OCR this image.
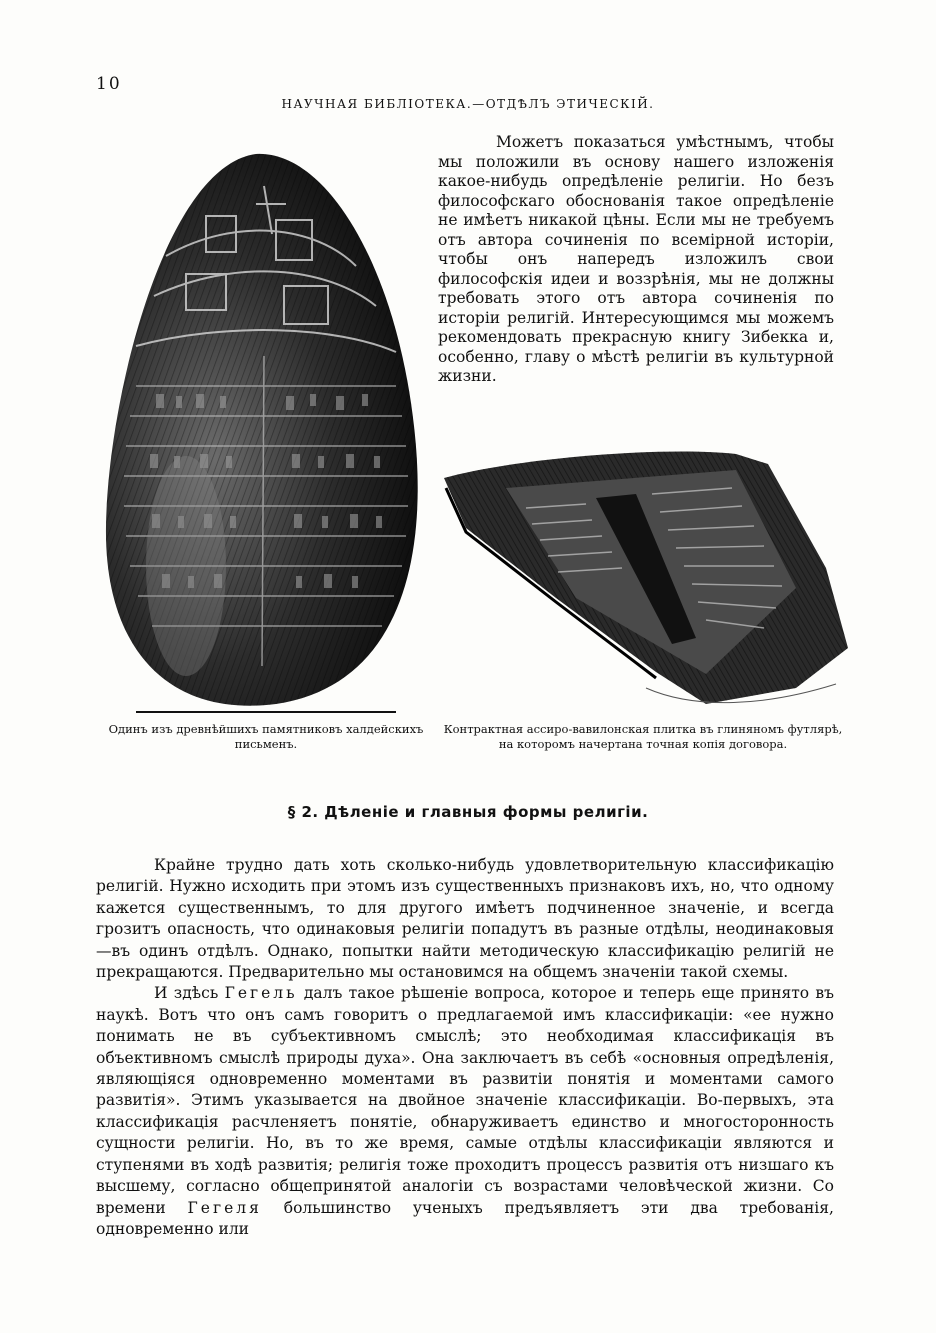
10
НАУЧНАЯ БИБЛІОТЕКА.—ОТДѢЛЪ ЭТИЧЕСКІЙ.

Можетъ показаться умѣстнымъ, чтобы мы положили въ основу нашего изложенія какое-нибудь опредѣленіе религіи. Но безъ философскаго обоснованія такое опредѣленіе не имѣетъ никакой цѣны. Если мы не требуемъ отъ автора сочиненія по всемірной исторіи, чтобы онъ напередъ изложилъ свои философскія идеи и воззрѣнія, мы не должны требовать этого отъ автора сочиненія по исторіи религій. Интересующимся мы можемъ рекомендовать прекрасную книгу Зибекка и, особенно, главу о мѣстѣ религіи въ культурной жизни.

Одинъ изъ древнѣйшихъ памятниковъ халдейскихъ письменъ.
Контрактная ассиро-вавилонская плитка въ глиняномъ футлярѣ, на которомъ начертана точная копія договора.
§ 2. Дѣленіе и главныя формы религіи.

Крайне трудно дать хоть сколько-нибудь удовлетворительную классификацію религій. Нужно исходить при этомъ изъ существенныхъ признаковъ ихъ, но, что одному кажется существеннымъ, то для другого имѣетъ подчиненное значеніе, и всегда грозитъ опасность, что одинаковыя религіи попадутъ въ разные отдѣлы, неодинаковыя—въ одинъ отдѣлъ. Однако, попытки найти методическую классификацію религій не прекращаются. Предварительно мы остановимся на общемъ значеніи такой схемы.

И здѣсь Гегель далъ такое рѣшеніе вопроса, которое и теперь еще принято въ наукѣ. Вотъ что онъ самъ говоритъ о предлагаемой имъ классификаціи: «ее нужно понимать не въ субъективномъ смыслѣ; это необходимая классификація въ объективномъ смыслѣ природы духа». Она заключаетъ въ себѣ «основныя опредѣленія, являющіяся одновременно моментами въ развитіи понятія и моментами самого развитія». Этимъ указывается на двойное значеніе классификаціи. Во-первыхъ, эта классификація расчленяетъ понятіе, обнаруживаетъ единство и многосторонность сущности религіи. Но, въ то же время, самые отдѣлы классификаціи являются и ступенями въ ходѣ развитія; религія тоже проходитъ процессъ развитія отъ низшаго къ высшему, согласно общепринятой аналогіи съ возрастами человѣческой жизни. Со времени Гегеля большинство ученыхъ предъявляетъ эти два требованія, одновременно или
